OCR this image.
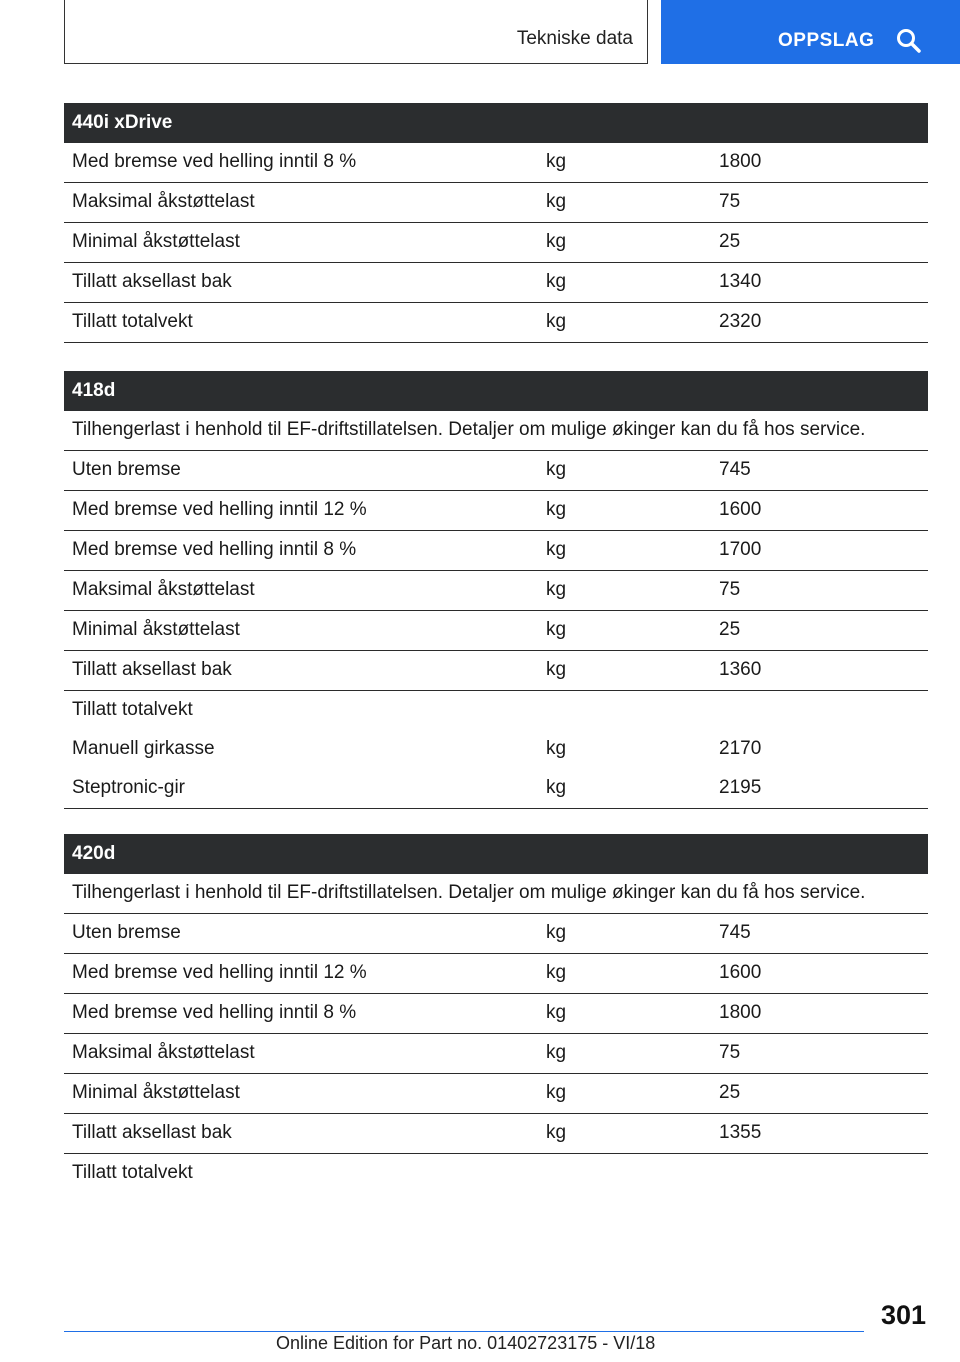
Tekniske data	OPPSLAG
440i xDrive
Med bremse ved helling inntil 8 %	kg	1800
Maksimal åkstøttelast	kg	75
Minimal åkstøttelast	kg	25
Tillatt aksellast bak	kg	1340
Tillatt totalvekt	kg	2320
418d
Tilhengerlast i henhold til EF-driftstillatelsen. Detaljer om mulige økinger kan du få hos service.
Uten bremse	kg	745
Med bremse ved helling inntil 12 %	kg	1600
Med bremse ved helling inntil 8 %	kg	1700
Maksimal åkstøttelast	kg	75
Minimal åkstøttelast	kg	25
Tillatt aksellast bak	kg	1360
Tillatt totalvekt
Manuell girkasse	kg	2170
Steptronic-gir	kg	2195
420d
Tilhengerlast i henhold til EF-driftstillatelsen. Detaljer om mulige økinger kan du få hos service.
Uten bremse	kg	745
Med bremse ved helling inntil 12 %	kg	1600
Med bremse ved helling inntil 8 %	kg	1800
Maksimal åkstøttelast	kg	75
Minimal åkstøttelast	kg	25
Tillatt aksellast bak	kg	1355
Tillatt totalvekt
301
Online Edition for Part no. 01402723175 - VI/18
